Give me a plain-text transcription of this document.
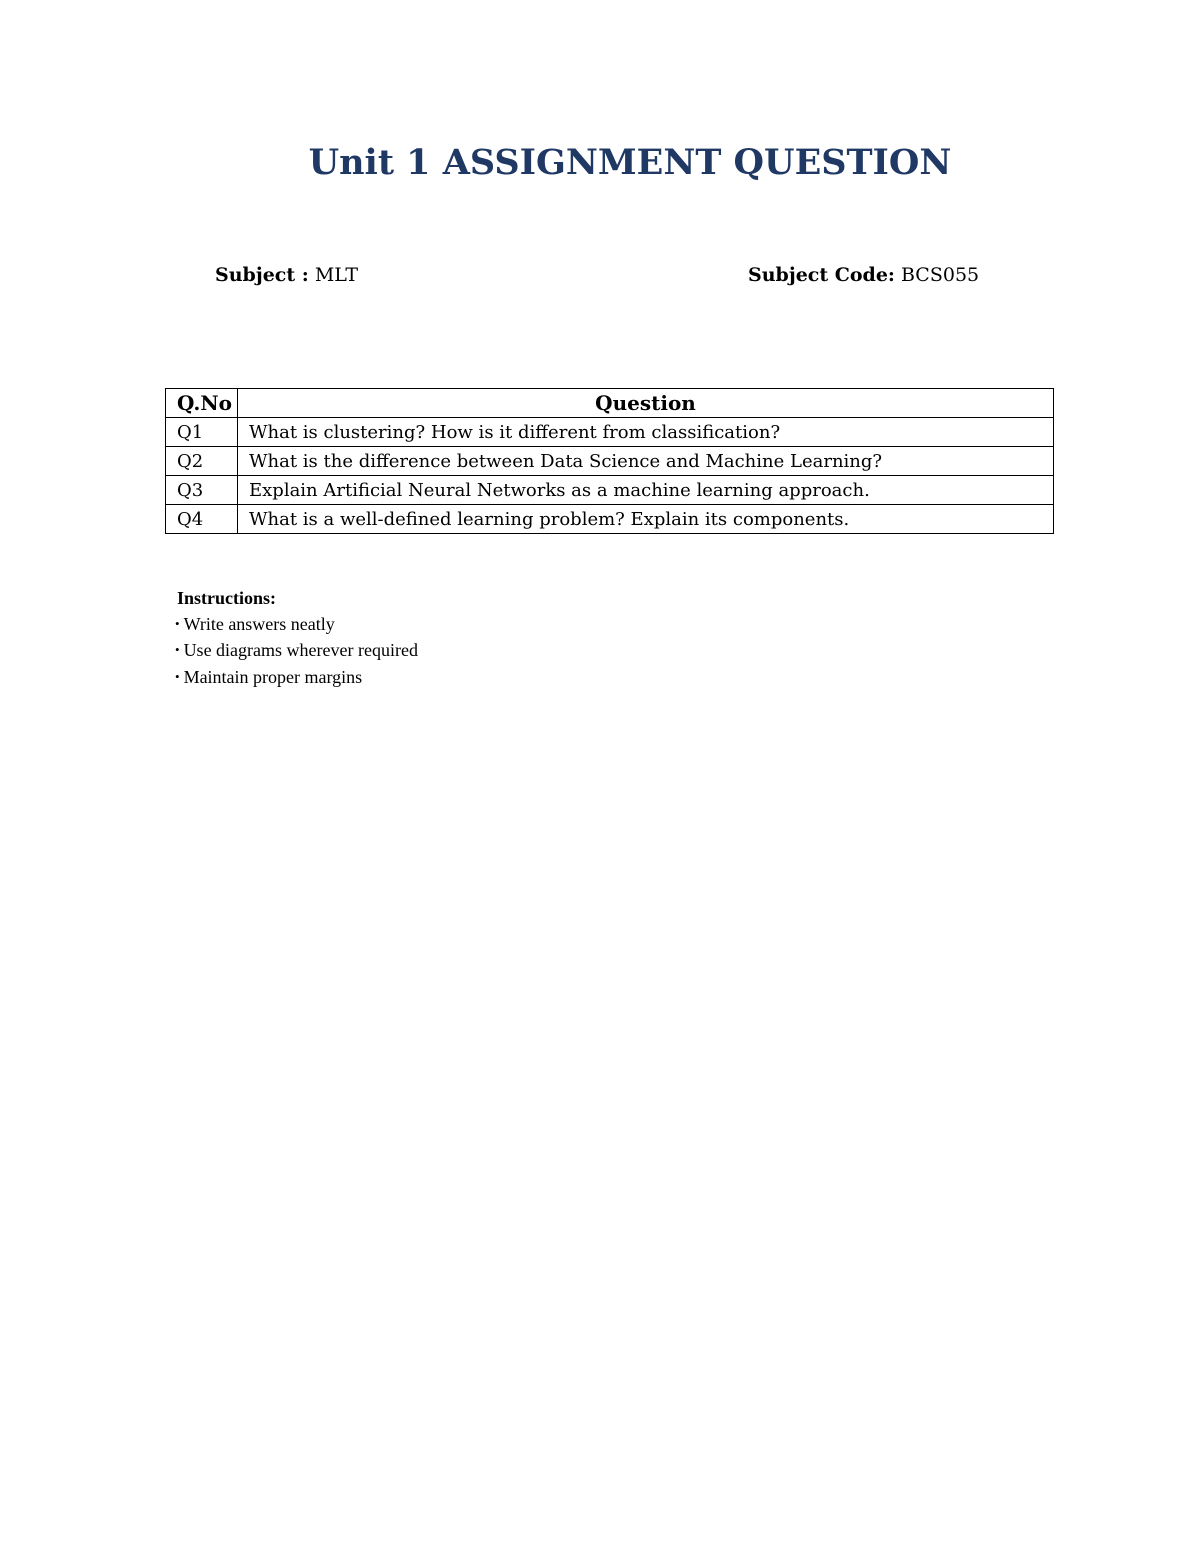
Unit 1 ASSIGNMENT QUESTION
Subject : MLT	Subject Code: BCS055
Q.No	Question
Q1	What is clustering? How is it different from classification?
Q2	What is the difference between Data Science and Machine Learning?
Q3	Explain Artificial Neural Networks as a machine learning approach.
Q4	What is a well-defined learning problem? Explain its components.
Instructions:
• Write answers neatly
• Use diagrams wherever required
• Maintain proper margins
